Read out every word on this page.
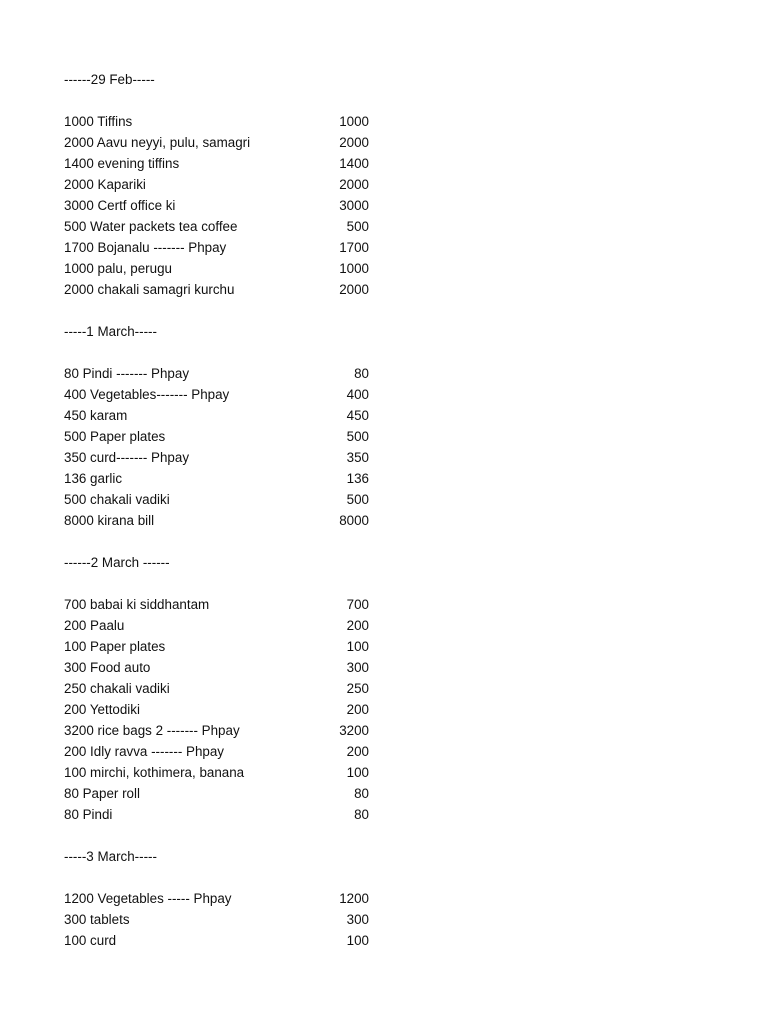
------29 Feb-----
1000 Tiffins	1000
2000 Aavu neyyi, pulu, samagri	2000
1400 evening tiffins	1400
2000 Kapariki	2000
3000 Certf office ki	3000
500 Water packets tea coffee	500
1700 Bojanalu ------- Phpay	1700
1000 palu, perugu	1000
2000 chakali samagri kurchu	2000
-----1 March-----
80 Pindi ------- Phpay	80
400 Vegetables------- Phpay	400
450 karam	450
500 Paper plates	500
350 curd------- Phpay	350
136 garlic	136
500 chakali vadiki	500
8000 kirana bill	8000
------2 March ------
700 babai ki siddhantam	700
200 Paalu	200
100 Paper plates	100
300 Food auto	300
250 chakali vadiki	250
200 Yettodiki	200
3200 rice bags 2 ------- Phpay	3200
200 Idly ravva ------- Phpay	200
100 mirchi, kothimera, banana	100
80 Paper roll	80
80 Pindi	80
-----3 March-----
1200 Vegetables ----- Phpay	1200
300 tablets	300
100 curd	100
